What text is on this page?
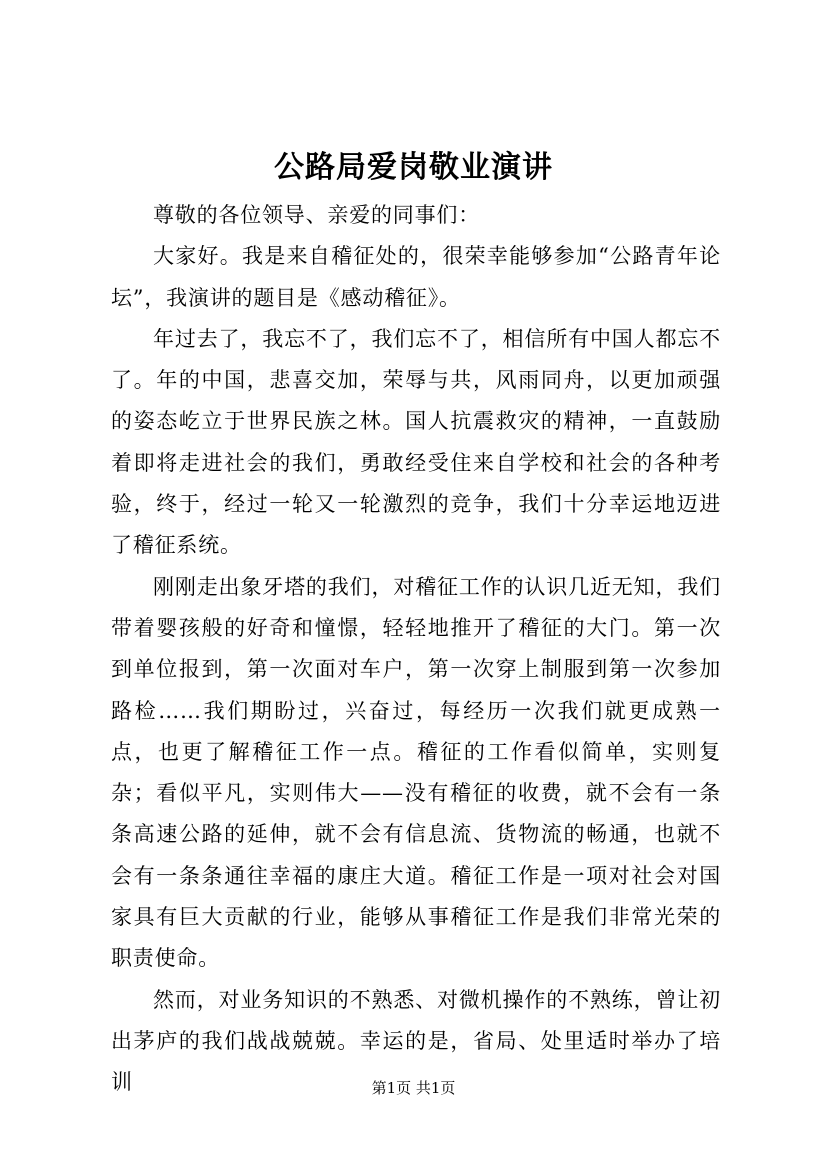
公路局爱岗敬业演讲

尊敬的各位领导、亲爱的同事们：

大家好。我是来自稽征处的，很荣幸能够参加“公路青年论坛”，我演讲的题目是《感动稽征》。

年过去了，我忘不了，我们忘不了，相信所有中国人都忘不了。年的中国，悲喜交加，荣辱与共，风雨同舟，以更加顽强的姿态屹立于世界民族之林。国人抗震救灾的精神，一直鼓励着即将走进社会的我们，勇敢经受住来自学校和社会的各种考验，终于，经过一轮又一轮激烈的竞争，我们十分幸运地迈进了稽征系统。

刚刚走出象牙塔的我们，对稽征工作的认识几近无知，我们带着婴孩般的好奇和憧憬，轻轻地推开了稽征的大门。第一次到单位报到，第一次面对车户，第一次穿上制服到第一次参加路检……我们期盼过，兴奋过，每经历一次我们就更成熟一点，也更了解稽征工作一点。稽征的工作看似简单，实则复杂；看似平凡，实则伟大——没有稽征的收费，就不会有一条条高速公路的延伸，就不会有信息流、货物流的畅通，也就不会有一条条通往幸福的康庄大道。稽征工作是一项对社会对国家具有巨大贡献的行业，能够从事稽征工作是我们非常光荣的职责使命。

然而，对业务知识的不熟悉、对微机操作的不熟练，曾让初出茅庐的我们战战兢兢。幸运的是，省局、处里适时举办了培训	第1页 共1页
